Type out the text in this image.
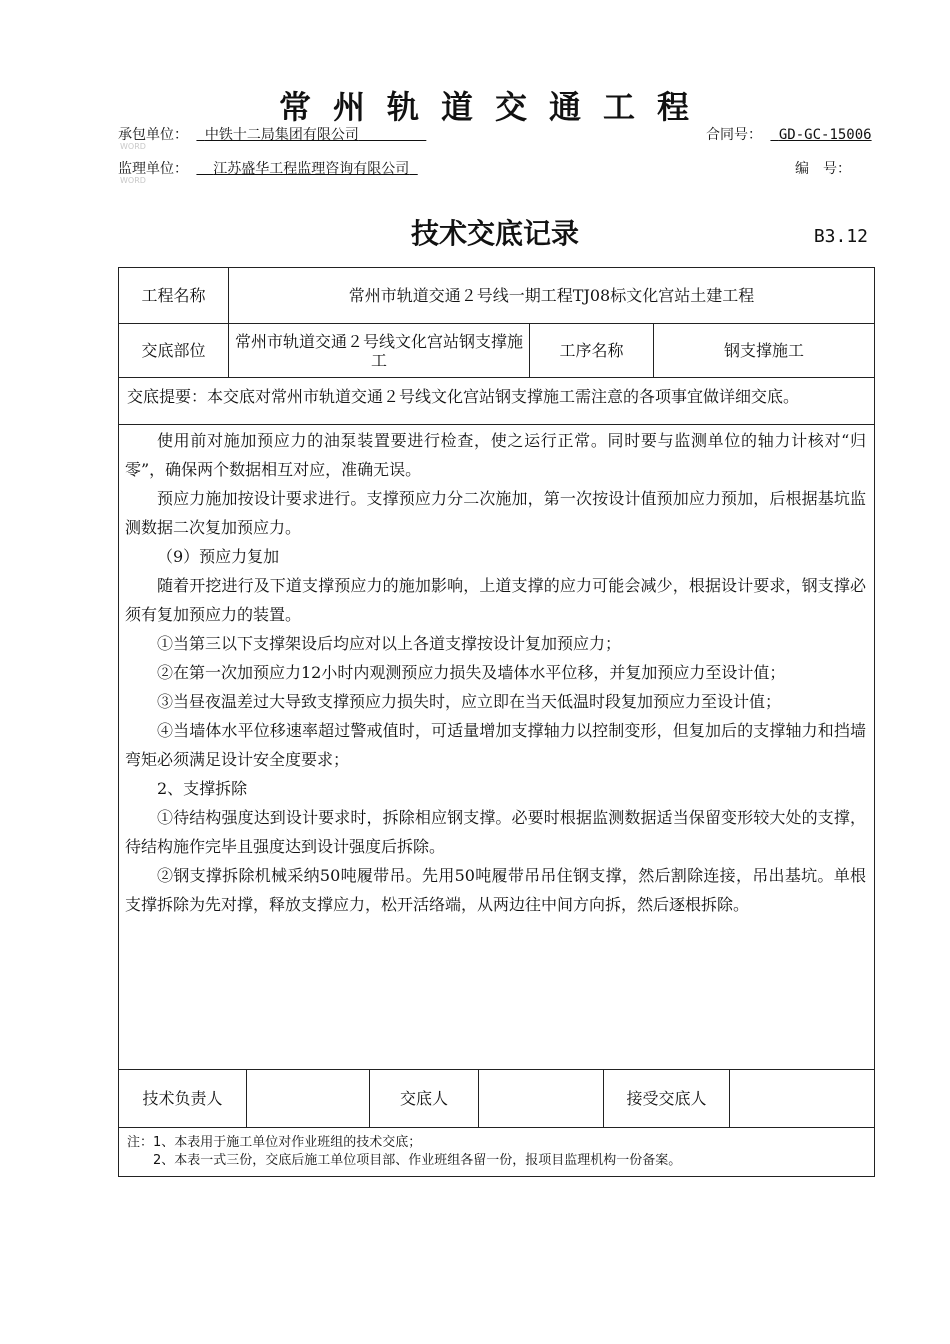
常州轨道交通工程
承包单位： 中铁十二局集团有限公司
WORD
合同号： GD-GC-15006
监理单位： 江苏盛华工程监理咨询有限公司
WORD
编　号：
技术交底记录	B3.12
工程名称	常州市轨道交通２号线一期工程TJ08标文化宫站土建工程
交底部位	常州市轨道交通２号线文化宫站钢支撑施工	工序名称	钢支撑施工
交底提要：本交底对常州市轨道交通２号线文化宫站钢支撑施工需注意的各项事宜做详细交底。

使用前对施加预应力的油泵装置要进行检查，使之运行正常。同时要与监测单位的轴力计核对“归零”，确保两个数据相互对应，准确无误。

预应力施加按设计要求进行。支撑预应力分二次施加，第一次按设计值预加应力预加，后根据基坑监测数据二次复加预应力。

（9）预应力复加

随着开挖进行及下道支撑预应力的施加影响，上道支撑的应力可能会减少，根据设计要求，钢支撑必须有复加预应力的装置。

①当第三以下支撑架设后均应对以上各道支撑按设计复加预应力；

②在第一次加预应力12小时内观测预应力损失及墙体水平位移，并复加预应力至设计值；

③当昼夜温差过大导致支撑预应力损失时，应立即在当天低温时段复加预应力至设计值；

④当墙体水平位移速率超过警戒值时，可适量增加支撑轴力以控制变形，但复加后的支撑轴力和挡墙弯矩必须满足设计安全度要求；

2、支撑拆除

①待结构强度达到设计要求时，拆除相应钢支撑。必要时根据监测数据适当保留变形较大处的支撑，待结构施作完毕且强度达到设计强度后拆除。

②钢支撑拆除机械采纳50吨履带吊。先用50吨履带吊吊住钢支撑，然后割除连接，吊出基坑。单根支撑拆除为先对撑，释放支撑应力，松开活络端，从两边往中间方向拆，然后逐根拆除。

技术负责人	交底人	接受交底人
注：1、本表用于施工单位对作业班组的技术交底；
　　2、本表一式三份，交底后施工单位项目部、作业班组各留一份，报项目监理机构一份备案。
